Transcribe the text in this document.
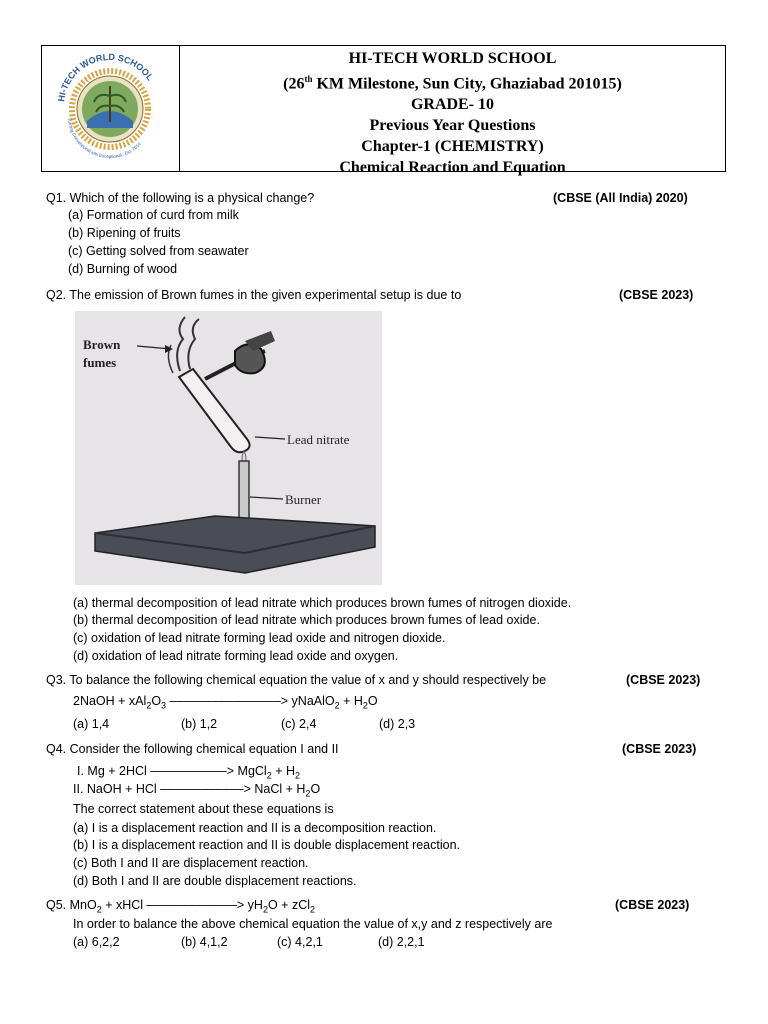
HI-TECH WORLD SCHOOL
Turning Conventional into Exceptional...Est. 2014
HI-TECH WORLD SCHOOL
(26th KM Milestone, Sun City, Ghaziabad 201015)
GRADE- 10
Previous Year Questions
Chapter-1 (CHEMISTRY)
Chemical Reaction and Equation
Q1. Which of the following is a physical change?	(CBSE (All India) 2020)
(a) Formation of curd from milk
(b) Ripening of fruits
(c) Getting solved from seawater
(d) Burning of wood
Q2. The emission of Brown fumes in the given experimental setup is due to	(CBSE 2023)
Brown
fumes
Lead nitrate
Burner
(a) thermal decomposition of lead nitrate which produces brown fumes of nitrogen dioxide.
(b) thermal decomposition of lead nitrate which produces brown fumes of lead oxide.
(c) oxidation of lead nitrate forming lead oxide and nitrogen dioxide.
(d) oxidation of lead nitrate forming lead oxide and oxygen.
Q3. To balance the following chemical equation the value of x and y should respectively be	(CBSE 2023)
2NaOH + $xAl_2O_3$ ––––––––––––––––> yNaAlO$_2$ + $H_2O$
(a) 1,4	(b) 1,2	(c) 2,4	(d) 2,3
Q4. Consider the following chemical equation I and II	(CBSE 2023)
I. Mg + 2HCl –––––––––––> MgCl$_2$ + $H_2$
II. NaOH + HCl ––––––––––––> NaCl + $H_2O$
The correct statement about these equations is
(a) I is a displacement reaction and II is a decomposition reaction.
(b) I is a displacement reaction and II is double displacement reaction.
(c) Both I and II are displacement reaction.
(d) Both I and II are double displacement reactions.
Q5. MnO$_2$ + xHCl –––––––––––––> $yH_2O + zCl_2$	(CBSE 2023)
In order to balance the above chemical equation the value of x,y and z respectively are
(a) 6,2,2	(b) 4,1,2	(c) 4,2,1	(d) 2,2,1
